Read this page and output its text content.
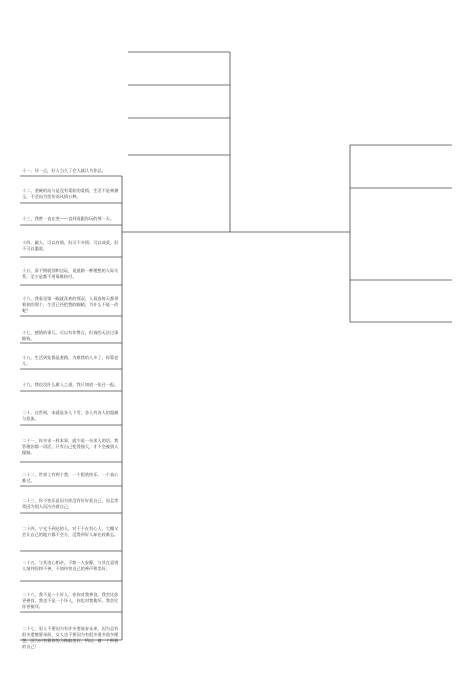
十一、坏一点，好人当久了会人就认为你怂。
十二、坚硬的站与是没有柔软的爱情，生活不是林黛玉，不会因为忧伤而风情万种。
十三、我曾一直在变——直到再跟你玩的那一天。
十四、做人，可以有情，但可不多情；可以成爱，但不可以滥爱。
十五、看不惯就别和边玩，说道路一种理想的人际关系，至少是都不用靠维持付。
十六、我看见第一眼就喜欢的那双，人看选每天都带着你的那个，生活已经把我的眼睛，为什么不能一改呢？
十七、感情的事儿，可以有作弊点，但真的无法过事细致。
十八、生活到处都是套路，为难我的人多了，你算老几。
十九、我也没什么敢入之道，我只知道一张还一报。
二十、在世间，本就是各人下雪，各人有各人的隐痛与悲流。
二十一、你多求一样本事，就少说一句求人的话。我管理你都一切活，只有自己变得强大，才不会被别人踩踏。
二十二、世界上有两个我，一个假装快乐，一个真心难过。
二十三、你不快乐是因为你没有好好爱自己，而且常常因为别人而冷冷着自己。
二十四、宁光不到达的人，对于不在有心人，大概又会让自己的地方都不会方，没得到好人却在较难忘。
二十五、与其违心相亲，不如一人安静，与其在意别人批判你和不善，不如经营自己的善声和美好。
二十六、我不是一个好人，你你对我善良，我会比你更善良。我也不是一个坏人，你也对我使坏，我会比你更使坏。
二十七、男人不要因为有许多要放弃未来，因为总有很多遗憾要承担，女人也不要因为有很多道多道多理想，因为只有靠你努力换取美好，所以，做一个积极的自己！
